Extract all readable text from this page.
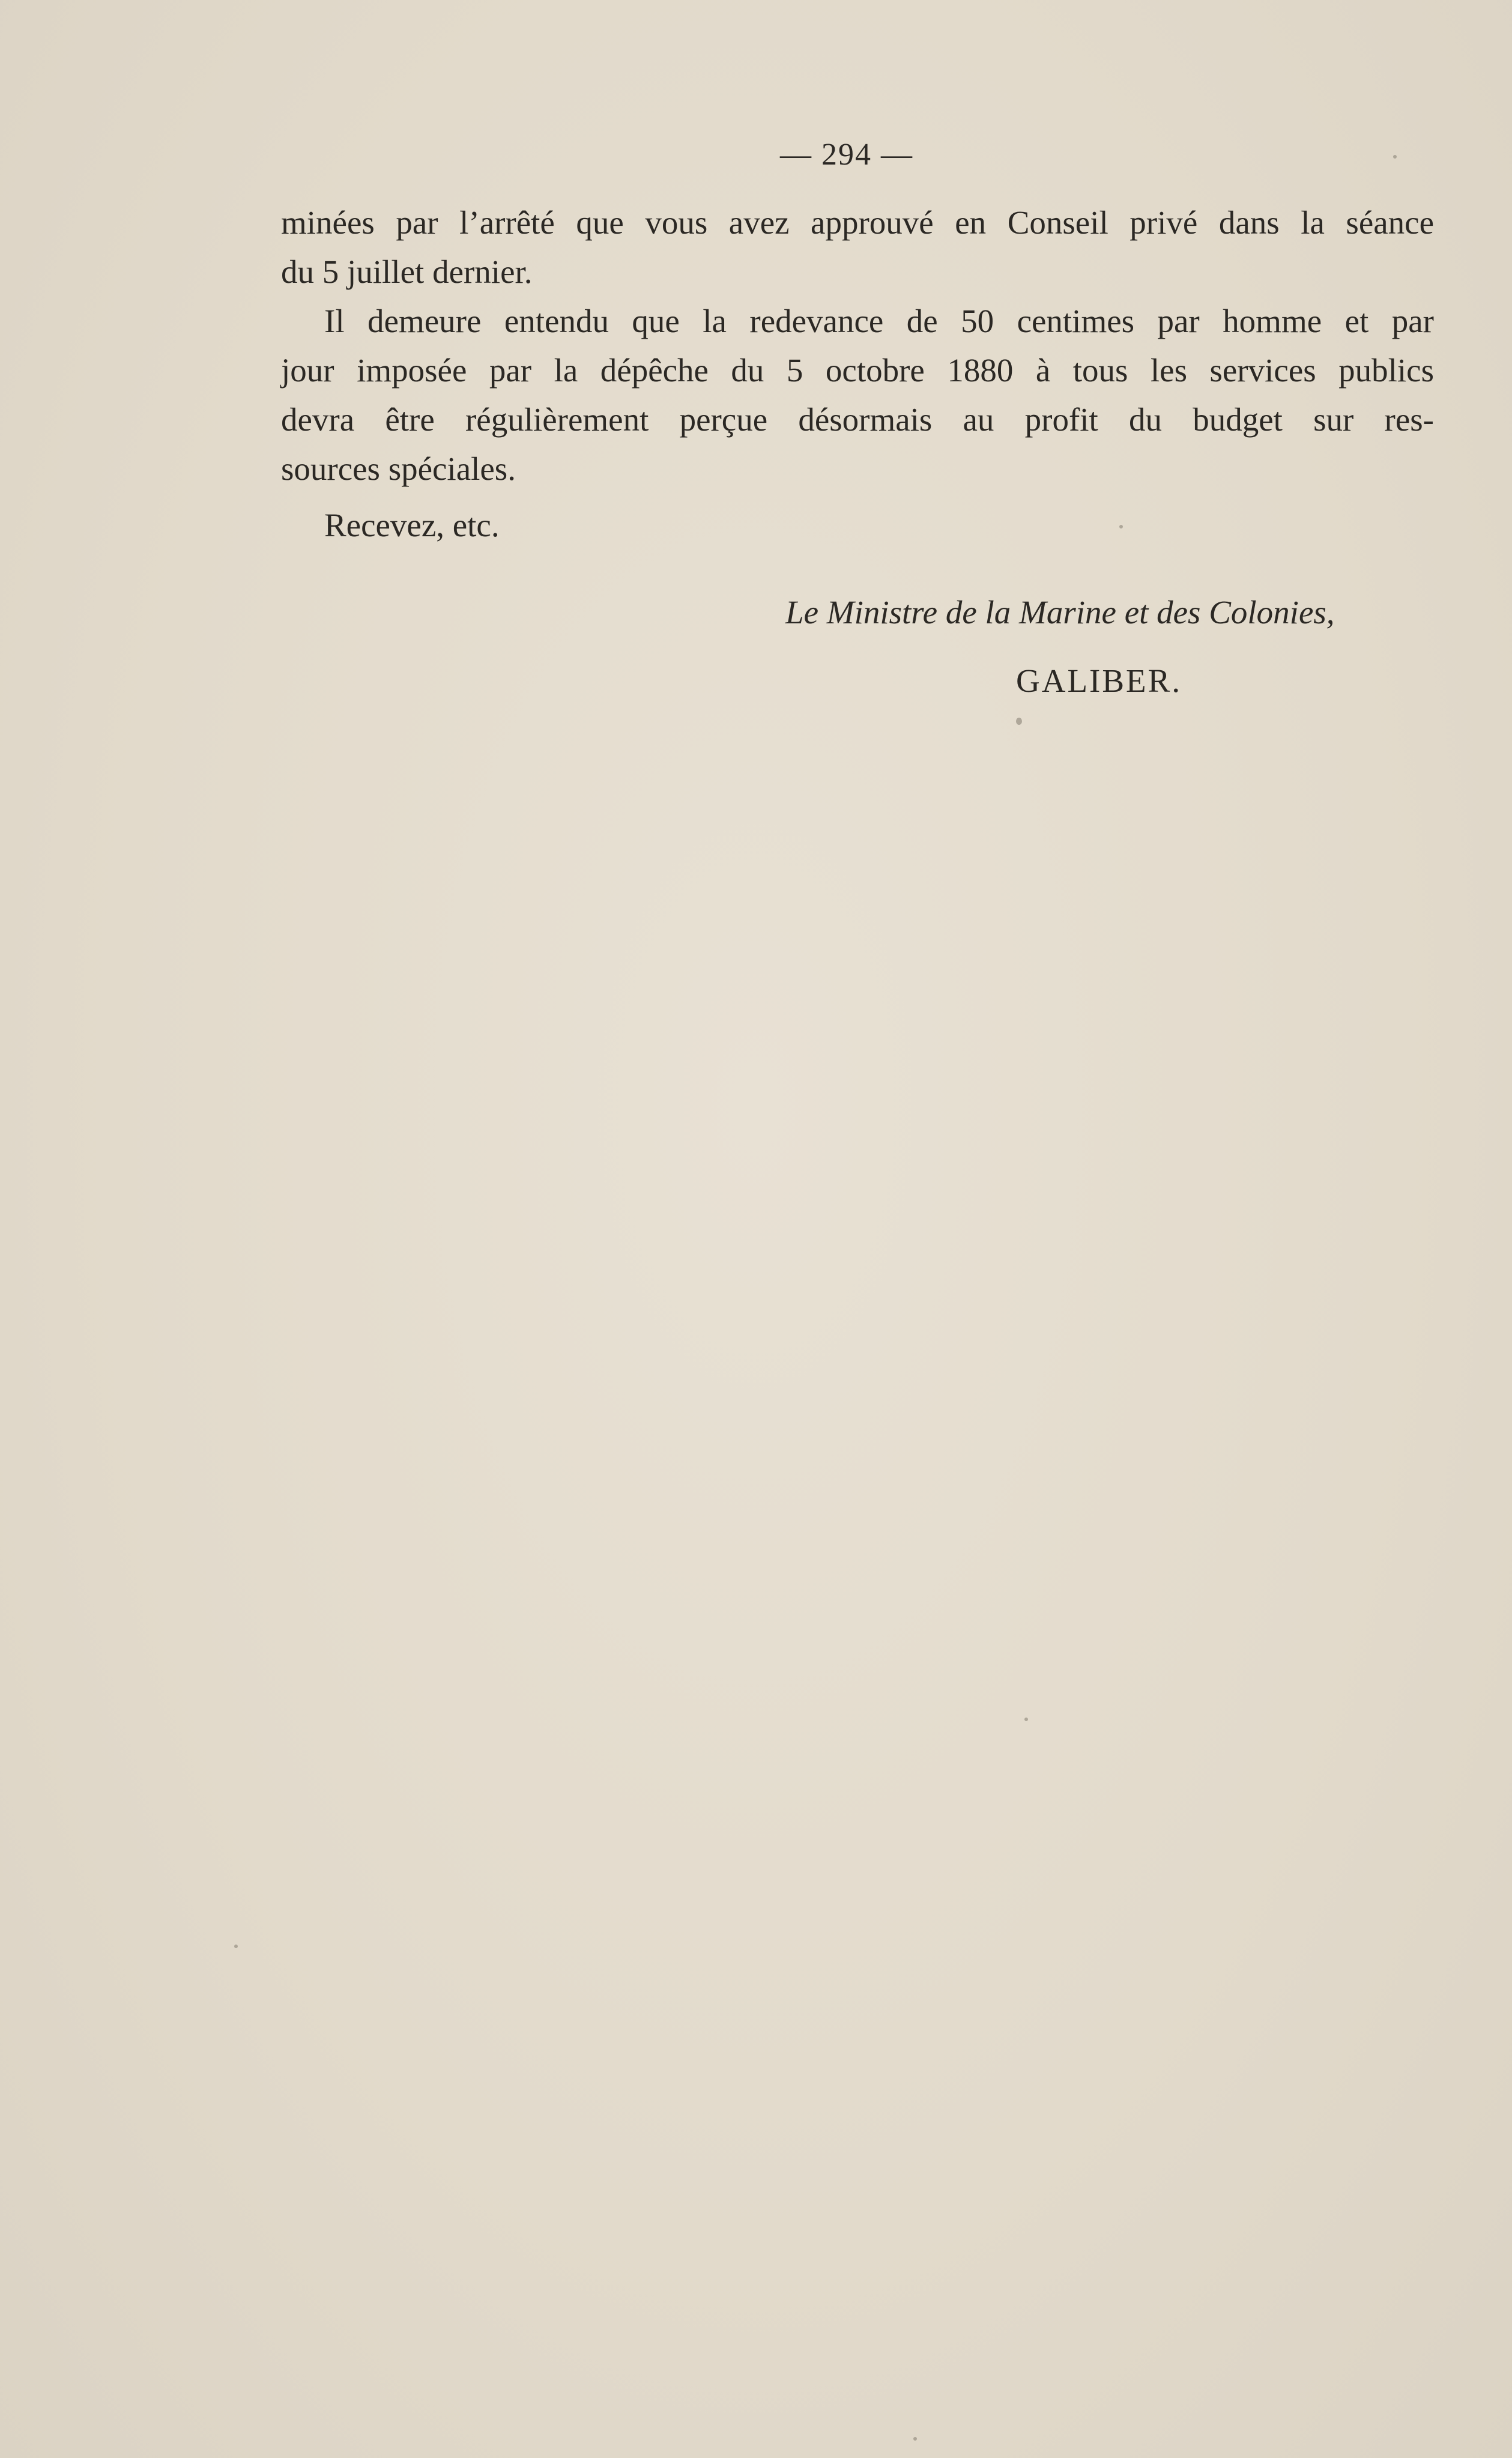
— 294 —
minées par l’arrêté que vous avez approuvé en Conseil privé dans la séance
du 5 juillet dernier.
Il demeure entendu que la redevance de 50 centimes par homme et par
jour imposée par la dépêche du 5 octobre 1880 à tous les services publics
devra être régulièrement perçue désormais au profit du budget sur res-
sources spéciales.
Recevez, etc.
Le Ministre de la Marine et des Colonies,
GALIBER.
